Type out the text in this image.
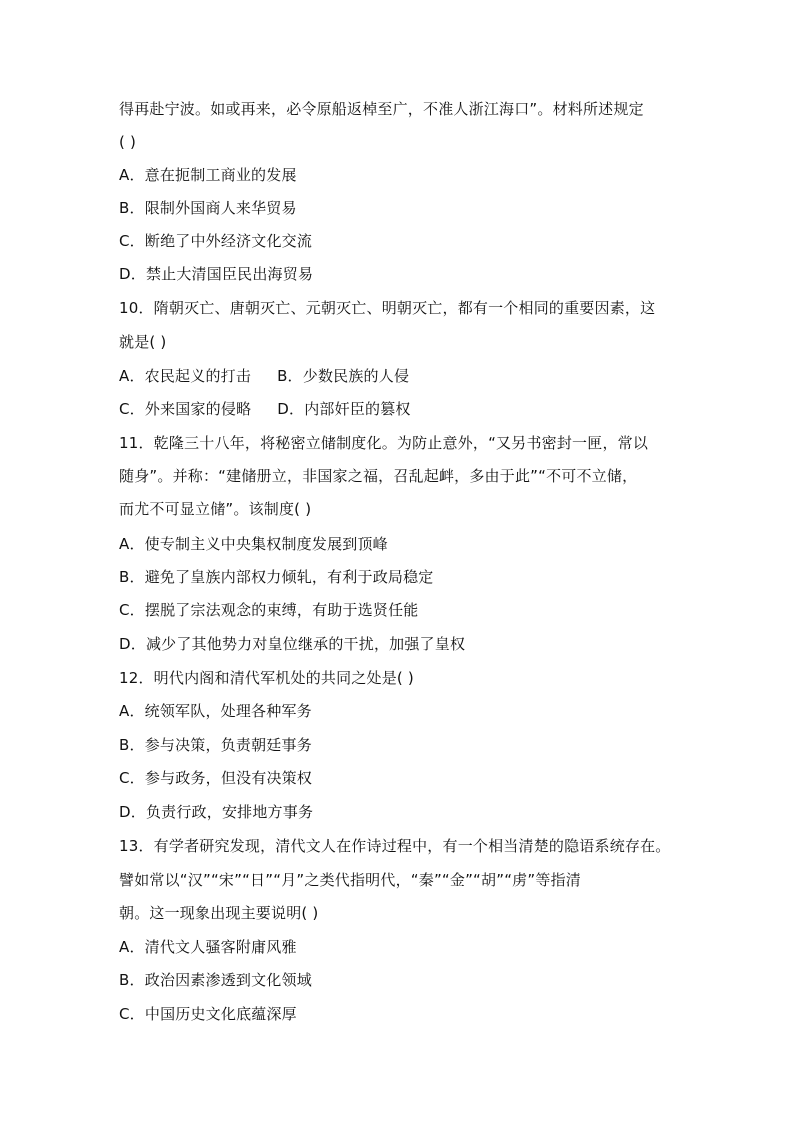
得再赴宁波。如或再来，必令原船返棹至广，不准人浙江海口”。材料所述规定
( )
A．意在扼制工商业的发展
B．限制外国商人来华贸易
C．断绝了中外经济文化交流
D．禁止大清国臣民出海贸易
10．隋朝灭亡、唐朝灭亡、元朝灭亡、明朝灭亡，都有一个相同的重要因素，这
就是( )
A．农民起义的打击 B．少数民族的人侵
C．外来国家的侵略 D．内部奸臣的篡权
11．乾隆三十八年，将秘密立储制度化。为防止意外，“又另书密封一匣，常以
随身”。并称：“建储册立，非国家之福，召乱起衅，多由于此”“不可不立储，
而尤不可显立储”。该制度( )
A．使专制主义中央集权制度发展到顶峰
B．避免了皇族内部权力倾轧，有利于政局稳定
C．摆脱了宗法观念的束缚，有助于选贤任能
D．减少了其他势力对皇位继承的干扰，加强了皇权
12．明代内阁和清代军机处的共同之处是( )
A．统领军队，处理各种军务
B．参与决策，负责朝廷事务
C．参与政务，但没有决策权
D．负责行政，安排地方事务
13．有学者研究发现，清代文人在作诗过程中，有一个相当清楚的隐语系统存在。
譬如常以“汉”“宋”“日”“月”之类代指明代，“秦”“金”“胡”“虏”等指清
朝。这一现象出现主要说明( )
A．清代文人骚客附庸风雅
B．政治因素渗透到文化领域
C．中国历史文化底蕴深厚
